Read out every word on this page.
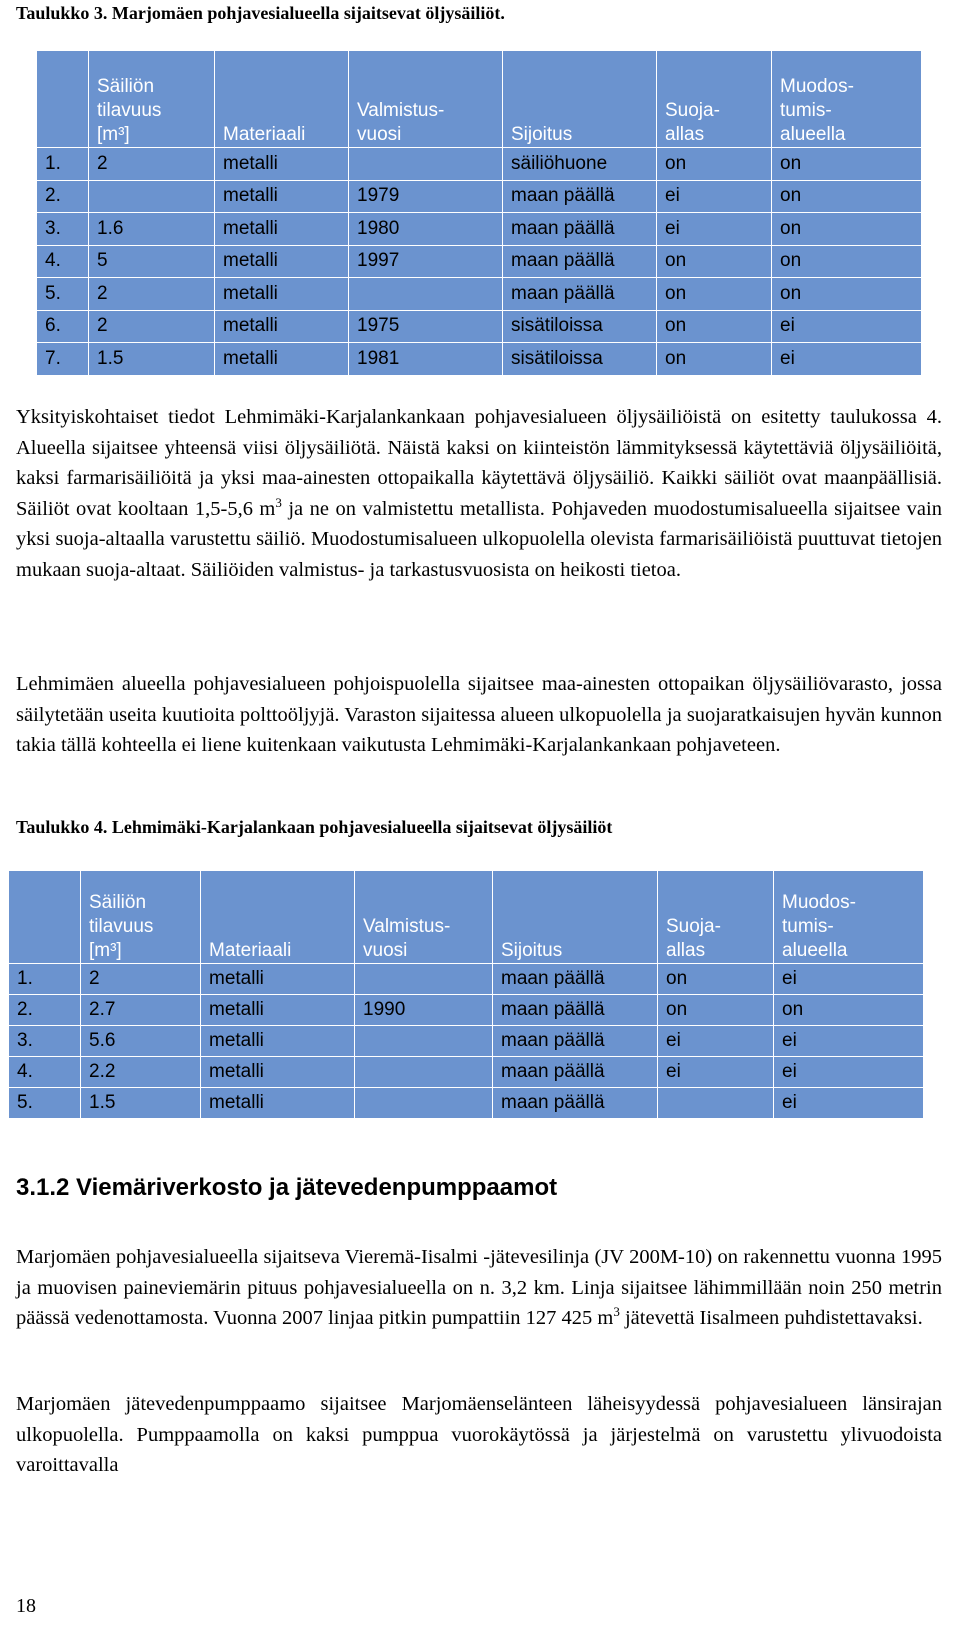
Taulukko 3. Marjomäen pohjavesialueella sijaitsevat öljysäiliöt.
	Säiliön
tilavuus
[m³]	Materiaali	Valmistus-
vuosi	Sijoitus	Suoja-
allas	Muodos-
tumis-
alueella
1.	2	metalli		säiliöhuone	on	on
2.		metalli	1979	maan päällä	ei	on
3.	1.6	metalli	1980	maan päällä	ei	on
4.	5	metalli	1997	maan päällä	on	on
5.	2	metalli		maan päällä	on	on
6.	2	metalli	1975	sisätiloissa	on	ei
7.	1.5	metalli	1981	sisätiloissa	on	ei

Yksityiskohtaiset tiedot Lehmimäki-Karjalankankaan pohjavesialueen öljysäiliöistä on esitetty taulukossa 4. Alueella sijaitsee yhteensä viisi öljysäiliötä. Näistä kaksi on kiinteistön lämmityksessä käytettäviä öljysäiliöitä, kaksi farmarisäiliöitä ja yksi maa-ainesten ottopaikalla käytettävä öljysäiliö. Kaikki säiliöt ovat maanpäällisiä. Säiliöt ovat kooltaan 1,5-5,6 $m^3$ ja ne on valmistettu metallista. Pohjaveden muodostumisalueella sijaitsee vain yksi suoja-altaalla varustettu säiliö. Muodostumisalueen ulkopuolella olevista farmarisäiliöistä puuttuvat tietojen mukaan suoja-altaat. Säiliöiden valmistus- ja tarkastusvuosista on heikosti tietoa.

Lehmimäen alueella pohjavesialueen pohjoispuolella sijaitsee maa-ainesten ottopaikan öljysäiliövarasto, jossa säilytetään useita kuutioita polttoöljyjä. Varaston sijaitessa alueen ulkopuolella ja suojaratkaisujen hyvän kunnon takia tällä kohteella ei liene kuitenkaan vaikutusta Lehmimäki-Karjalankankaan pohjaveteen.

Taulukko 4. Lehmimäki-Karjalankaan pohjavesialueella sijaitsevat öljysäiliöt
	Säiliön
tilavuus
[m³]	Materiaali	Valmistus-
vuosi	Sijoitus	Suoja-
allas	Muodos-
tumis-
alueella
1.	2	metalli		maan päällä	on	ei
2.	2.7	metalli	1990	maan päällä	on	on
3.	5.6	metalli		maan päällä	ei	ei
4.	2.2	metalli		maan päällä	ei	ei
5.	1.5	metalli		maan päällä		ei
3.1.2 Viemäriverkosto ja jätevedenpumppaamot

Marjomäen pohjavesialueella sijaitseva Vieremä-Iisalmi -jätevesilinja (JV 200M-10) on rakennettu vuonna 1995 ja muovisen paineviemärin pituus pohjavesialueella on n. 3,2 km. Linja sijaitsee lähimmillään noin 250 metrin päässä vedenottamosta. Vuonna 2007 linjaa pitkin pumpattiin 127 425 $m^3$ jätevettä Iisalmeen puhdistettavaksi.

Marjomäen jätevedenpumppaamo sijaitsee Marjomäenselänteen läheisyydessä pohjavesialueen länsirajan ulkopuolella. Pumppaamolla on kaksi pumppua vuorokäytössä ja järjestelmä on varustettu ylivuodoista varoittavalla

18
